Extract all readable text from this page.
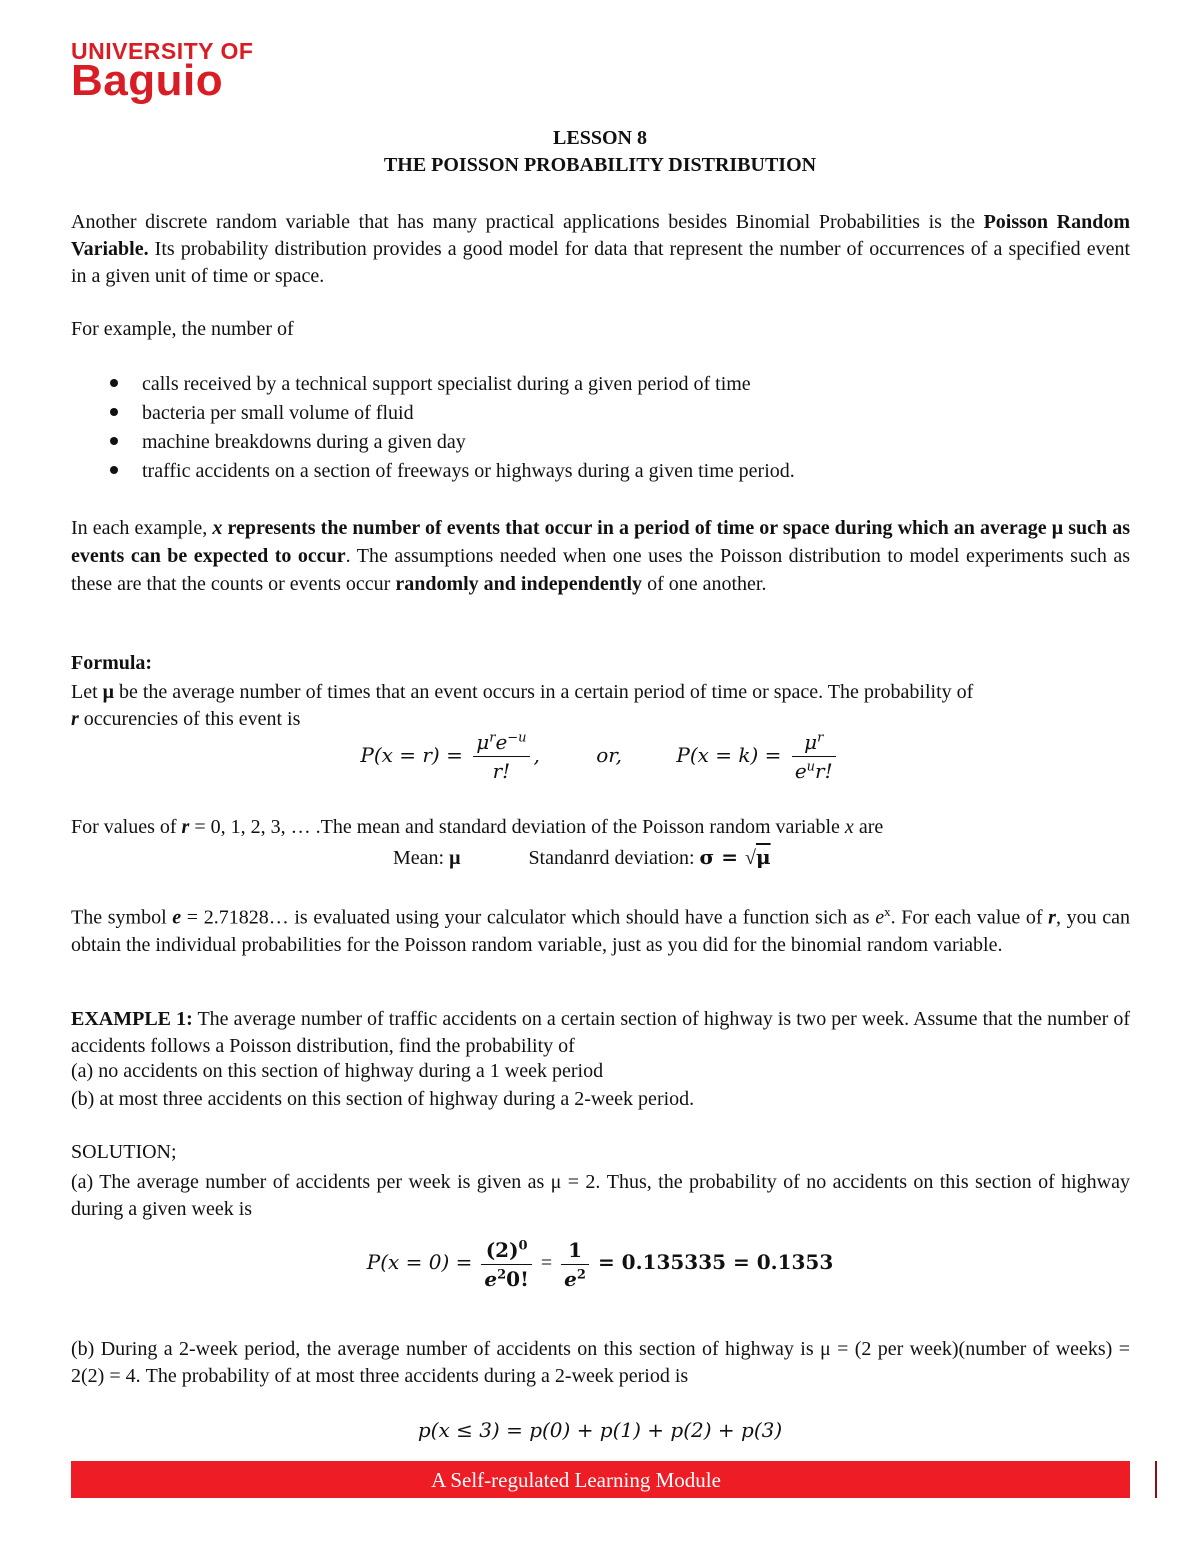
UNIVERSITY OF
Baguio
LESSON 8
THE POISSON PROBABILITY DISTRIBUTION
Another discrete random variable that has many practical applications besides Binomial Probabilities is the Poisson Random Variable. Its probability distribution provides a good model for data that represent the number of occurrences of a specified event in a given unit of time or space.
For example, the number of
calls received by a technical support specialist during a given period of time
bacteria per small volume of fluid
machine breakdowns during a given day
traffic accidents on a section of freeways or highways during a given time period.
In each example, x represents the number of events that occur in a period of time or space during which an average μ such as events can be expected to occur. The assumptions needed when one uses the Poisson distribution to model experiments such as these are that the counts or events occur randomly and independently of one another.
Formula:
Let μ be the average number of times that an event occurs in a certain period of time or space. The probability of
r occurencies of this event is
$P(x = r) = \frac{\mu^re^{-u}}{r!}$ ,	or,	$P(x = k) = \frac{\mu^r}{e^ur!}$
For values of r = 0, 1, 2, 3, … .The mean and standard deviation of the Poisson random variable x are
Mean: μ	Standanrd deviation: σ = √μ
The symbol e = 2.71828… is evaluated using your calculator which should have a function sich as $e^x$. For each value of r, you can obtain the individual probabilities for the Poisson random variable, just as you did for the binomial random variable.
EXAMPLE 1: The average number of traffic accidents on a certain section of highway is two per week. Assume that the number of accidents follows a Poisson distribution, find the probability of
(a) no accidents on this section of highway during a 1 week period
(b) at most three accidents on this section of highway during a 2-week period.
SOLUTION;
(a) The average number of accidents per week is given as μ = 2. Thus, the probability of no accidents on this section of highway during a given week is
$P(x = 0) = \frac{(2)^0}{e^20!} = \frac{1}{e^2} = 0.135335 = 0.1353$
(b) During a 2-week period, the average number of accidents on this section of highway is μ = (2 per week)(number of weeks) = 2(2) = 4. The probability of at most three accidents during a 2-week period is
p(x ≤ 3) = p(0) + p(1) + p(2) + p(3)
A Self-regulated Learning Module	1
